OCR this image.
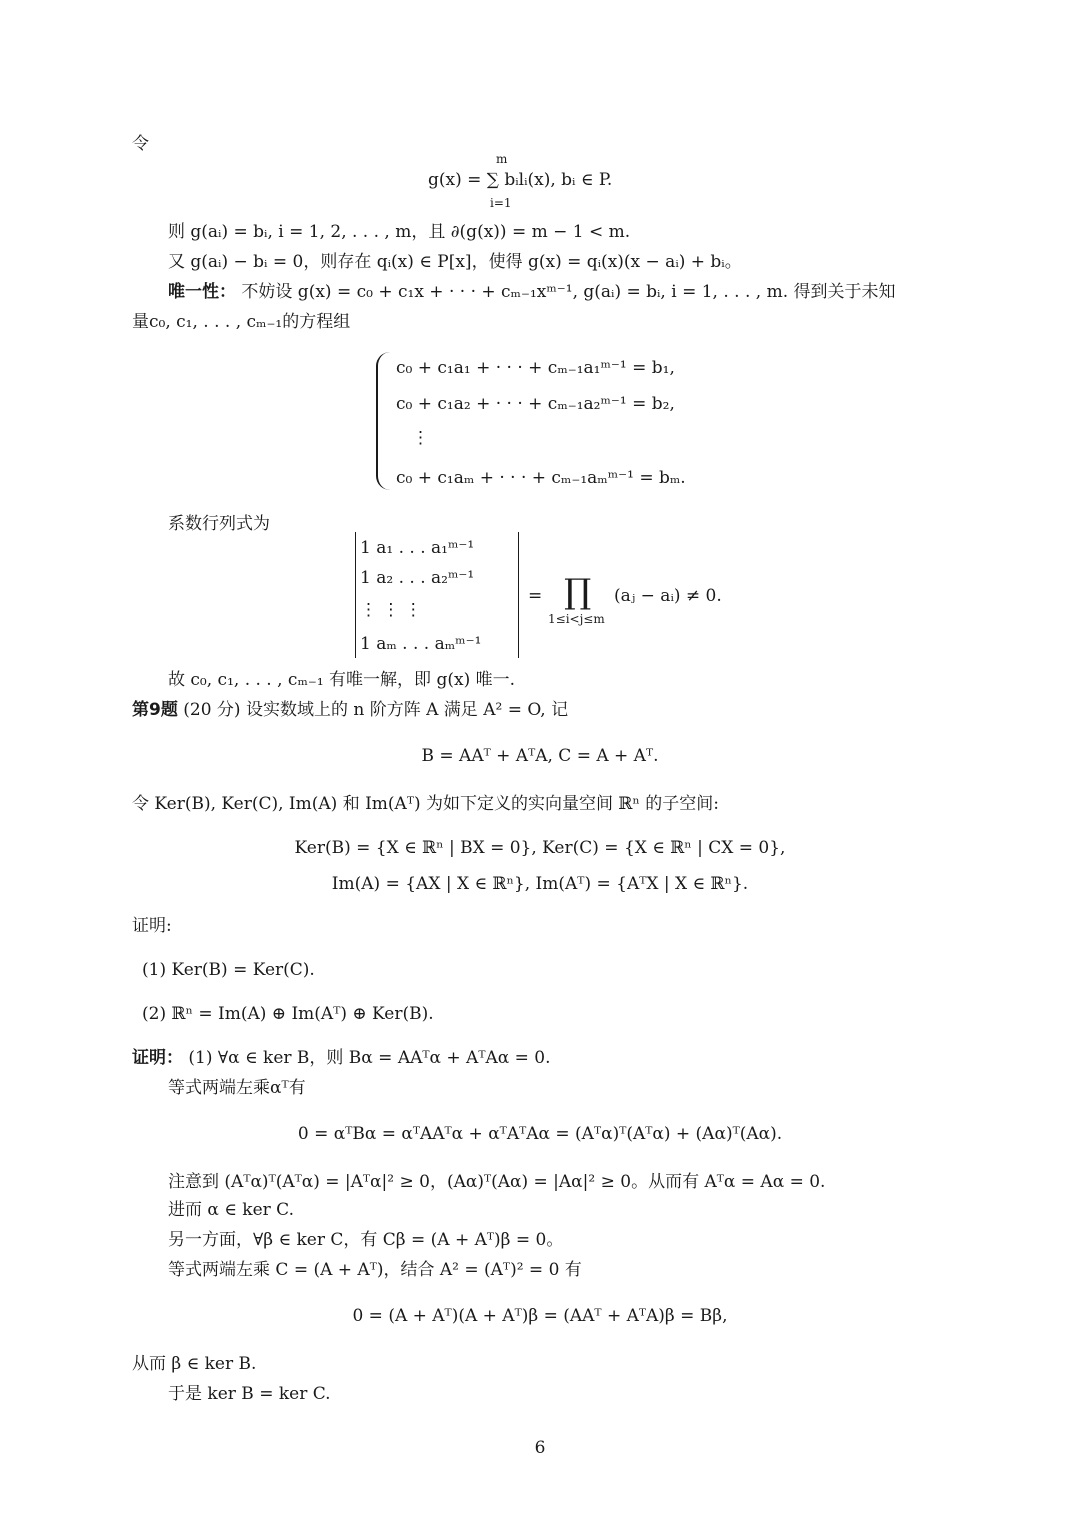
令
m
g(x) = ∑ bᵢlᵢ(x), bᵢ ∈ P.
i=1
则 g(aᵢ) = bᵢ, i = 1, 2, . . . , m，且 ∂(g(x)) = m − 1 < m.
又 g(aᵢ) − bᵢ = 0，则存在 qᵢ(x) ∈ P[x]，使得 g(x) = qᵢ(x)(x − aᵢ) + bᵢ。
唯一性： 不妨设 g(x) = c₀ + c₁x + · · · + cₘ₋₁xᵐ⁻¹, g(aᵢ) = bᵢ, i = 1, . . . , m. 得到关于未知
量c₀, c₁, . . . , cₘ₋₁的方程组
c₀ + c₁a₁ + · · · + cₘ₋₁a₁ᵐ⁻¹ = b₁,
c₀ + c₁a₂ + · · · + cₘ₋₁a₂ᵐ⁻¹ = b₂,
⋮
c₀ + c₁aₘ + · · · + cₘ₋₁aₘᵐ⁻¹ = bₘ.
系数行列式为
1 a₁ . . . a₁ᵐ⁻¹
1 a₂ . . . a₂ᵐ⁻¹
⋮ ⋮ ⋮
1 aₘ . . . aₘᵐ⁻¹
= ∏
1≤i<j≤m
(aⱼ − aᵢ) ≠ 0.
故 c₀, c₁, . . . , cₘ₋₁ 有唯一解，即 g(x) 唯一.
第9题 (20 分) 设实数域上的 n 阶方阵 A 满足 A² = O, 记
B = AAᵀ + AᵀA, C = A + Aᵀ.
令 Ker(B), Ker(C), Im(A) 和 Im(Aᵀ) 为如下定义的实向量空间 ℝⁿ 的子空间:
Ker(B) = {X ∈ ℝⁿ | BX = 0}, Ker(C) = {X ∈ ℝⁿ | CX = 0},
Im(A) = {AX | X ∈ ℝⁿ}, Im(Aᵀ) = {AᵀX | X ∈ ℝⁿ}.
证明:
(1) Ker(B) = Ker(C).
(2) ℝⁿ = Im(A) ⊕ Im(Aᵀ) ⊕ Ker(B).
证明： (1) ∀α ∈ ker B，则 Bα = AAᵀα + AᵀAα = 0.
等式两端左乘αᵀ有
0 = αᵀBα = αᵀAAᵀα + αᵀAᵀAα = (Aᵀα)ᵀ(Aᵀα) + (Aα)ᵀ(Aα).
注意到 (Aᵀα)ᵀ(Aᵀα) = |Aᵀα|² ≥ 0，(Aα)ᵀ(Aα) = |Aα|² ≥ 0。从而有 Aᵀα = Aα = 0.
进而 α ∈ ker C.
另一方面，∀β ∈ ker C，有 Cβ = (A + Aᵀ)β = 0。
等式两端左乘 C = (A + Aᵀ)，结合 A² = (Aᵀ)² = 0 有
0 = (A + Aᵀ)(A + Aᵀ)β = (AAᵀ + AᵀA)β = Bβ,
从而 β ∈ ker B.
于是 ker B = ker C.
6
